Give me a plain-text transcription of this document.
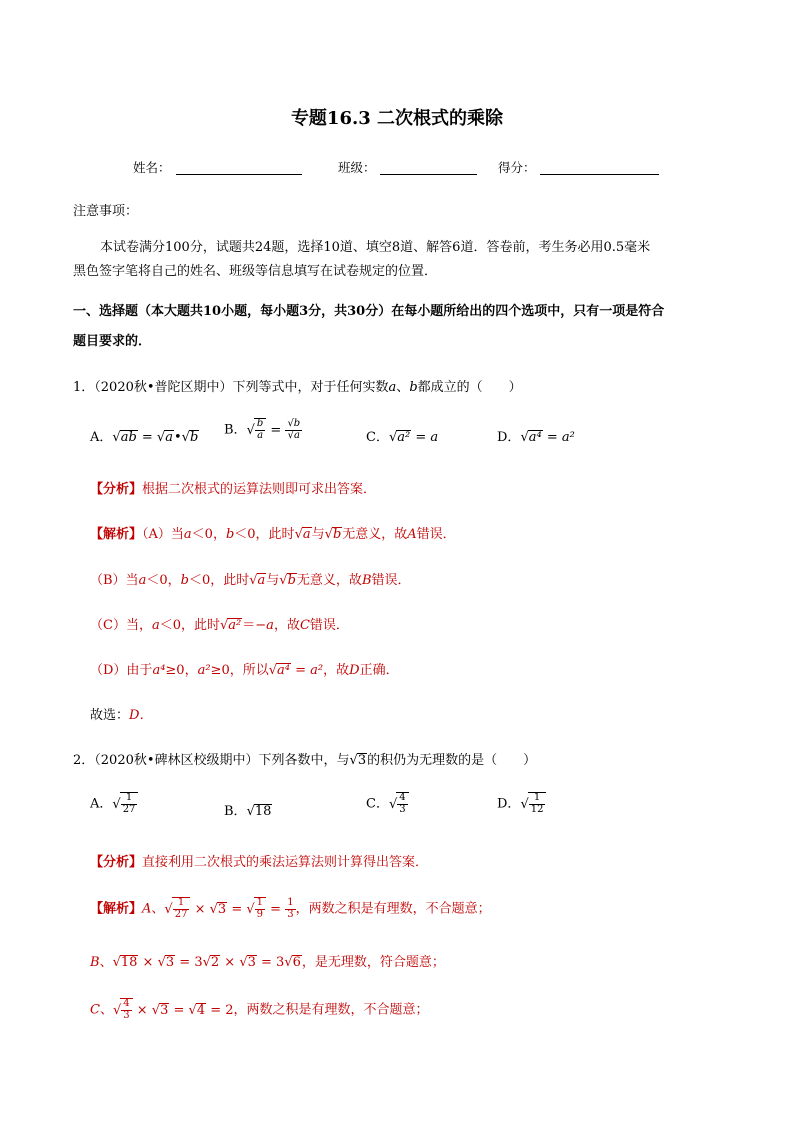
专题16.3 二次根式的乘除
姓名：	班级：	得分：
注意事项：
本试卷满分100分，试题共24题，选择10道、填空8道、解答6道．答卷前，考生务必用0.5毫米
黑色签字笔将自己的姓名、班级等信息填写在试卷规定的位置．
一、选择题（本大题共10小题，每小题3分，共30分）在每小题所给出的四个选项中，只有一项是符合
题目要求的．
1．（2020秋•普陀区期中）下列等式中，对于任何实数a、b都成立的（　　）
A．√ab = √a•√b B．√ $\frac{b}{a} = \frac{√b}{√a}$	C．√a² = a	D．√a⁴ = a²
【分析】根据二次根式的运算法则即可求出答案．
【解析】（A）当a＜0，b＜0，此时√a与√b无意义，故A错误．
（B）当a＜0，b＜0，此时√a与√b无意义，故B错误．
（C）当，a＜0，此时√a²＝−a，故C错误．
（D）由于a⁴≥0，a²≥0，所以√a⁴ = a²，故D正确．
故选：D．
2．（2020秋•碑林区校级期中）下列各数中，与√3的积仍为无理数的是（　　）
A．√ $\frac{1}{27}$	B．√18	C．√ $\frac{4}{3}$	D．√ $\frac{1}{12}$
【分析】直接利用二次根式的乘法运算法则计算得出答案．
【解析】A、√ $\frac{1}{27} \times √3$ = √ $\frac{1}{9} = \frac{1}{3}$ ，两数之积是有理数，不合题意；
B、√18 × √3 = 3√2 × √3 = 3√6，是无理数，符合题意；
C、√ $\frac{4}{3} \times √3 = √4 = 2$，两数之积是有理数，不合题意；
